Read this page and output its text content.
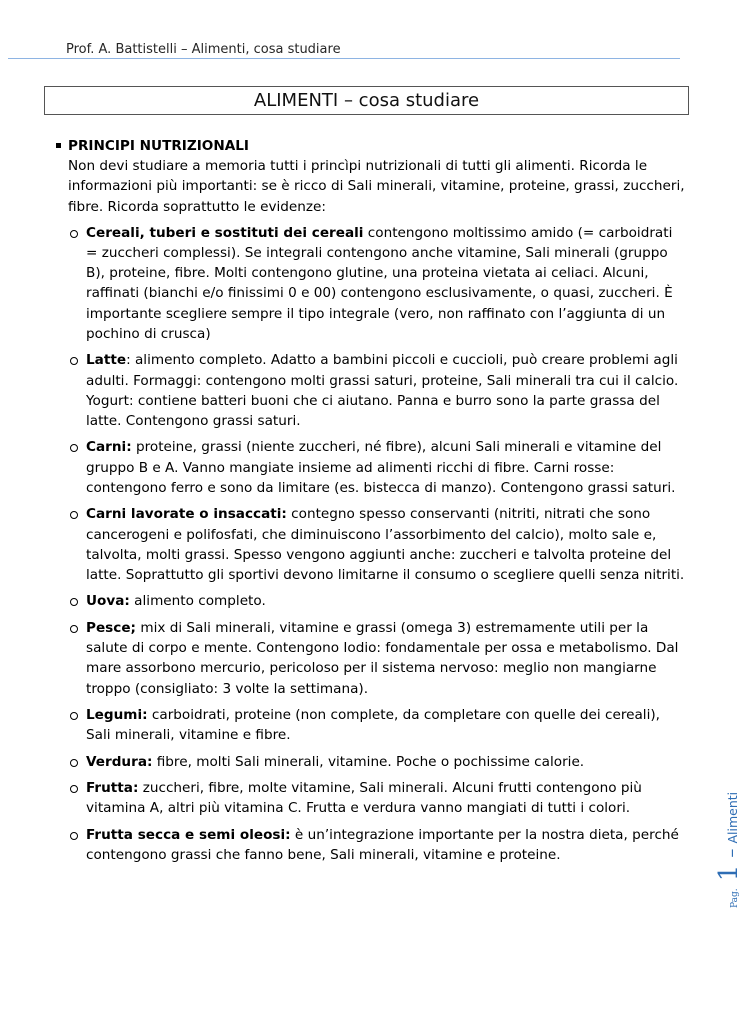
Prof. A. Battistelli – Alimenti, cosa studiare
ALIMENTI – cosa studiare
PRINCIPI NUTRIZIONALI
Non devi studiare a memoria tutti i princìpi nutrizionali di tutti gli alimenti. Ricorda le informazioni più importanti: se è ricco di Sali minerali, vitamine, proteine, grassi, zuccheri, fibre. Ricorda soprattutto le evidenze:
Cereali, tuberi e sostituti dei cereali contengono moltissimo amido (= carboidrati = zuccheri complessi). Se integrali contengono anche vitamine, Sali minerali (gruppo B), proteine, fibre. Molti contengono glutine, una proteina vietata ai celiaci. Alcuni, raffinati (bianchi e/o finissimi 0 e 00) contengono esclusivamente, o quasi, zuccheri. È importante scegliere sempre il tipo integrale (vero, non raffinato con l’aggiunta di un pochino di crusca)
Latte: alimento completo. Adatto a bambini piccoli e cuccioli, può creare problemi agli adulti. Formaggi: contengono molti grassi saturi, proteine, Sali minerali tra cui il calcio. Yogurt: contiene batteri buoni che ci aiutano. Panna e burro sono la parte grassa del latte. Contengono grassi saturi.
Carni: proteine, grassi (niente zuccheri, né fibre), alcuni Sali minerali e vitamine del gruppo B e A. Vanno mangiate insieme ad alimenti ricchi di fibre. Carni rosse: contengono ferro e sono da limitare (es. bistecca di manzo). Contengono grassi saturi.
Carni lavorate o insaccati: contegno spesso conservanti (nitriti, nitrati che sono cancerogeni e polifosfati, che diminuiscono l’assorbimento del calcio), molto sale e, talvolta, molti grassi. Spesso vengono aggiunti anche: zuccheri e talvolta proteine del latte. Soprattutto gli sportivi devono limitarne il consumo o scegliere quelli senza nitriti.
Uova: alimento completo.
Pesce; mix di Sali minerali, vitamine e grassi (omega 3) estremamente utili per la salute di corpo e mente. Contengono Iodio: fondamentale per ossa e metabolismo. Dal mare assorbono mercurio, pericoloso per il sistema nervoso: meglio non mangiarne troppo (consigliato: 3 volte la settimana).
Legumi: carboidrati, proteine (non complete, da completare con quelle dei cereali), Sali minerali, vitamine e fibre.
Verdura: fibre, molti Sali minerali, vitamine. Poche o pochissime calorie.
Frutta: zuccheri, fibre, molte vitamine, Sali minerali. Alcuni frutti contengono più vitamina A, altri più vitamina C. Frutta e verdura vanno mangiati di tutti i colori.
Frutta secca e semi oleosi: è un’integrazione importante per la nostra dieta, perché contengono grassi che fanno bene, Sali minerali, vitamine e proteine.
Pag. 1 – Alimenti
